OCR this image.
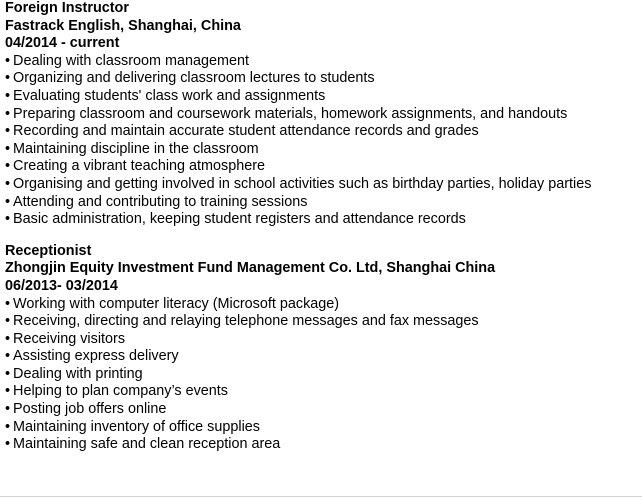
Foreign Instructor
Fastrack English, Shanghai, China
04/2014 - current
• Dealing with classroom management
• Organizing and delivering classroom lectures to students
• Evaluating students' class work and assignments
• Preparing classroom and coursework materials, homework assignments, and handouts
• Recording and maintain accurate student attendance records and grades
• Maintaining discipline in the classroom
• Creating a vibrant teaching atmosphere
• Organising and getting involved in school activities such as birthday parties, holiday parties
• Attending and contributing to training sessions
• Basic administration, keeping student registers and attendance records
Receptionist
Zhongjin Equity Investment Fund Management Co. Ltd, Shanghai China
06/2013- 03/2014
• Working with computer literacy (Microsoft package)
• Receiving, directing and relaying telephone messages and fax messages
• Receiving visitors
• Assisting express delivery
• Dealing with printing
• Helping to plan company’s events
• Posting job offers online
• Maintaining inventory of office supplies
• Maintaining safe and clean reception area
